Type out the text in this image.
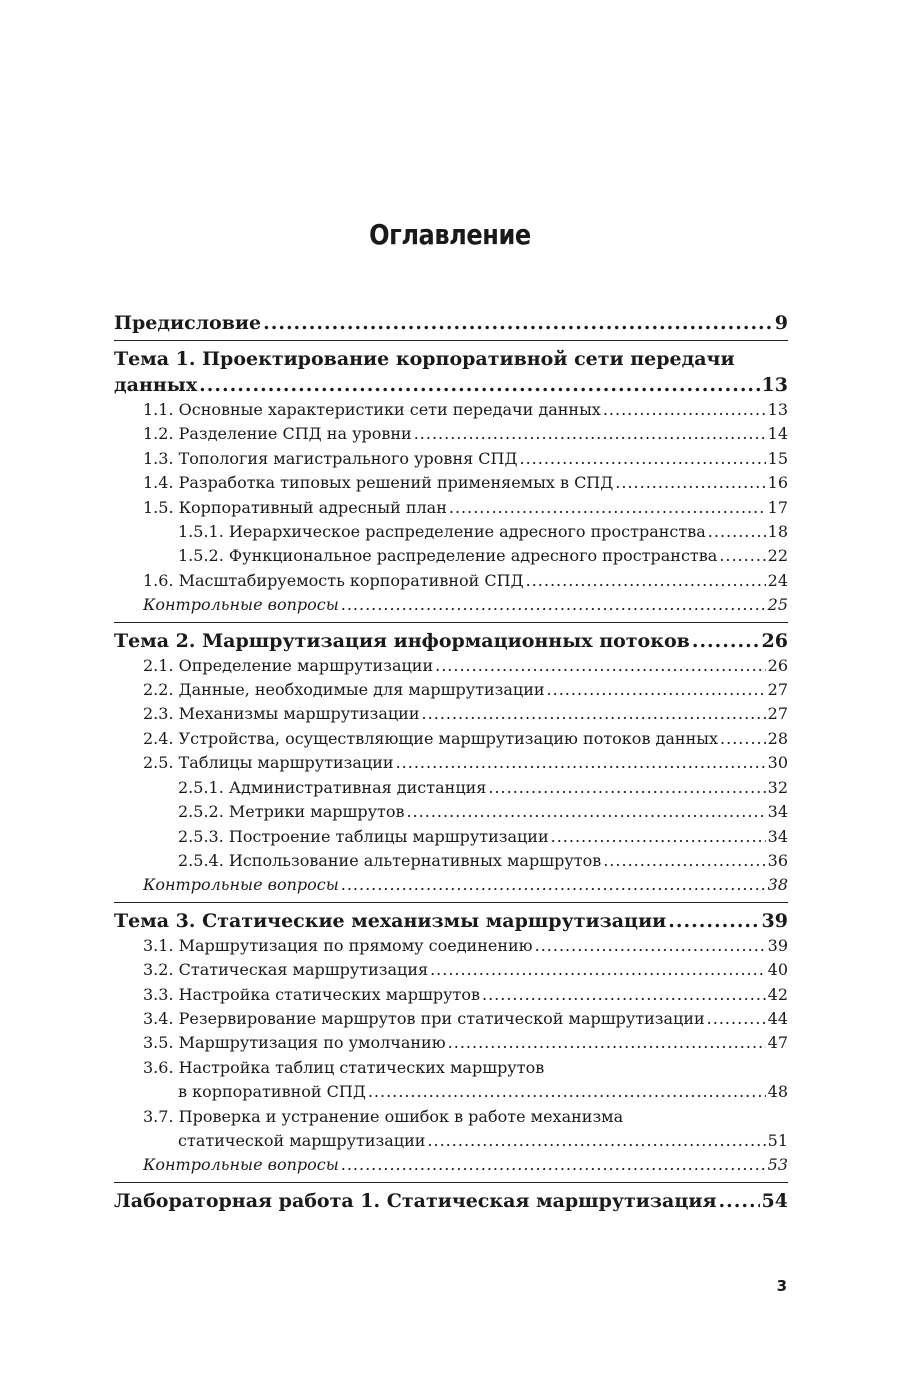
Оглавление
Предисловие .....	9
Тема 1. Проектирование корпоративной сети передачи
данных .....	13
1.1. Основные характеристики сети передачи данных .....	13
1.2. Разделение СПД на уровни .....	14
1.3. Топология магистрального уровня СПД .....	15
1.4. Разработка типовых решений применяемых в СПД .....	16
1.5. Корпоративный адресный план .....	17
1.5.1. Иерархическое распределение адресного пространства .....	18
1.5.2. Функциональное распределение адресного пространства .....	22
1.6. Масштабируемость корпоративной СПД .....	24
Контрольные вопросы .....	25
Тема 2. Маршрутизация информационных потоков .....	26
2.1. Определение маршрутизации .....	26
2.2. Данные, необходимые для маршрутизации .....	27
2.3. Механизмы маршрутизации .....	27
2.4. Устройства, осуществляющие маршрутизацию потоков данных .....	28
2.5. Таблицы маршрутизации .....	30
2.5.1. Административная дистанция .....	32
2.5.2. Метрики маршрутов .....	34
2.5.3. Построение таблицы маршрутизации .....	34
2.5.4. Использование альтернативных маршрутов .....	36
Контрольные вопросы .....	38
Тема 3. Статические механизмы маршрутизации .....	39
3.1. Маршрутизация по прямому соединению .....	39
3.2. Статическая маршрутизация .....	40
3.3. Настройка статических маршрутов .....	42
3.4. Резервирование маршрутов при статической маршрутизации .....	44
3.5. Маршрутизация по умолчанию .....	47
3.6. Настройка таблиц статических маршрутов
в корпоративной СПД .....	48
3.7. Проверка и устранение ошибок в работе механизма
статической маршрутизации .....	51
Контрольные вопросы .....	53
Лабораторная работа 1. Статическая маршрутизация ..... 54
3
